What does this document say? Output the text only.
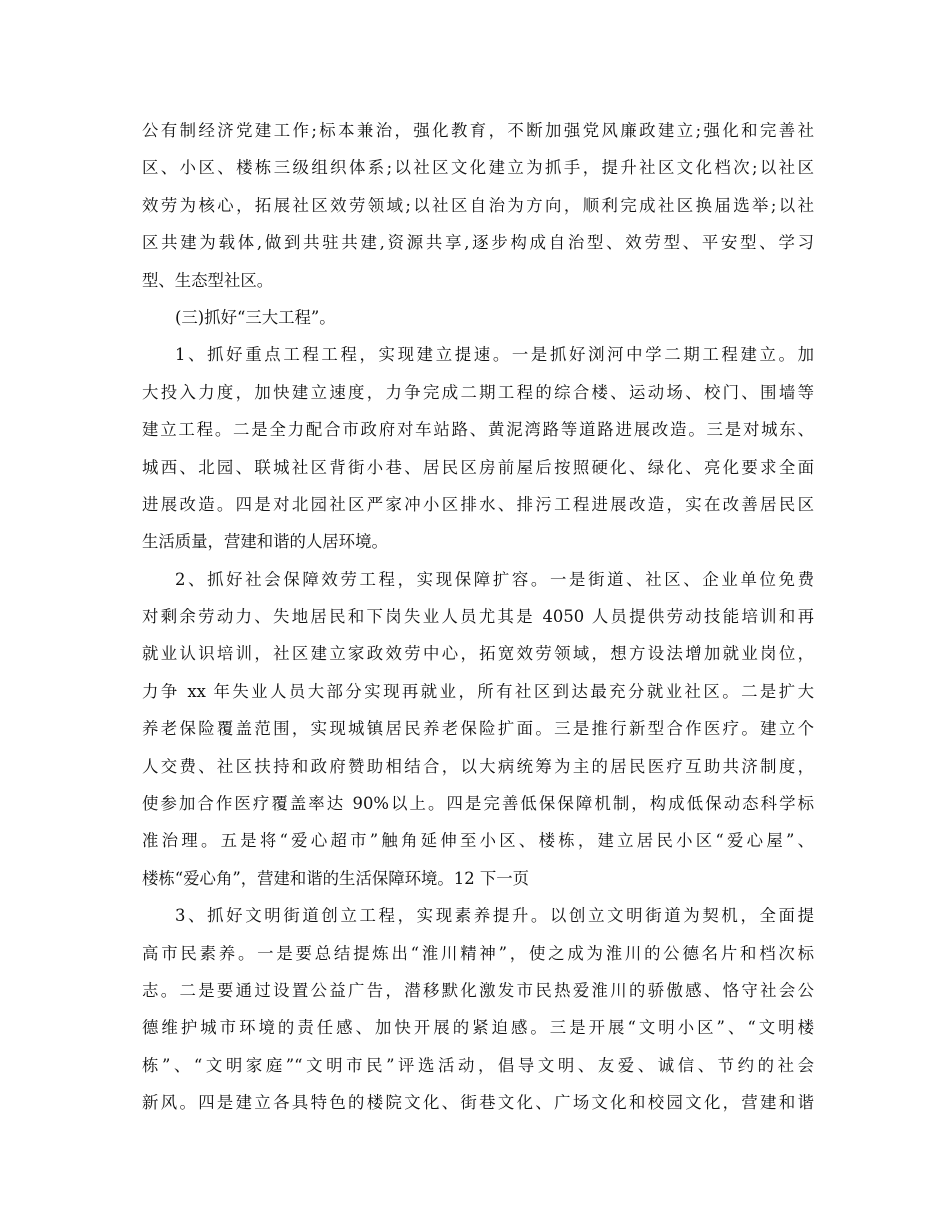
公有制经济党建工作;标本兼治，强化教育，不断加强党风廉政建立;强化和完善社
区、小区、楼栋三级组织体系;以社区文化建立为抓手，提升社区文化档次;以社区
效劳为核心，拓展社区效劳领域;以社区自治为方向，顺利完成社区换届选举;以社
区共建为载体,做到共驻共建,资源共享,逐步构成自治型、效劳型、平安型、学习
型、生态型社区。
(三)抓好“三大工程”。
1、抓好重点工程工程，实现建立提速。一是抓好浏河中学二期工程建立。加
大投入力度，加快建立速度，力争完成二期工程的综合楼、运动场、校门、围墙等
建立工程。二是全力配合市政府对车站路、黄泥湾路等道路进展改造。三是对城东、
城西、北园、联城社区背街小巷、居民区房前屋后按照硬化、绿化、亮化要求全面
进展改造。四是对北园社区严家冲小区排水、排污工程进展改造，实在改善居民区
生活质量，营建和谐的人居环境。
2、抓好社会保障效劳工程，实现保障扩容。一是街道、社区、企业单位免费
对剩余劳动力、失地居民和下岗失业人员尤其是 4050 人员提供劳动技能培训和再
就业认识培训，社区建立家政效劳中心，拓宽效劳领域，想方设法增加就业岗位，
力争 xx 年失业人员大部分实现再就业，所有社区到达最充分就业社区。二是扩大
养老保险覆盖范围，实现城镇居民养老保险扩面。三是推行新型合作医疗。建立个
人交费、社区扶持和政府赞助相结合，以大病统筹为主的居民医疗互助共济制度，
使参加合作医疗覆盖率达 90%以上。四是完善低保保障机制，构成低保动态科学标
准治理。五是将“爱心超市”触角延伸至小区、楼栋，建立居民小区“爱心屋”、
楼栋“爱心角”，营建和谐的生活保障环境。12 下一页
3、抓好文明街道创立工程，实现素养提升。以创立文明街道为契机，全面提
高市民素养。一是要总结提炼出“淮川精神”，使之成为淮川的公德名片和档次标
志。二是要通过设置公益广告，潜移默化激发市民热爱淮川的骄傲感、恪守社会公
德维护城市环境的责任感、加快开展的紧迫感。三是开展“文明小区”、“文明楼
栋”、“文明家庭”“文明市民”评选活动，倡导文明、友爱、诚信、节约的社会
新风。四是建立各具特色的楼院文化、街巷文化、广场文化和校园文化，营建和谐
